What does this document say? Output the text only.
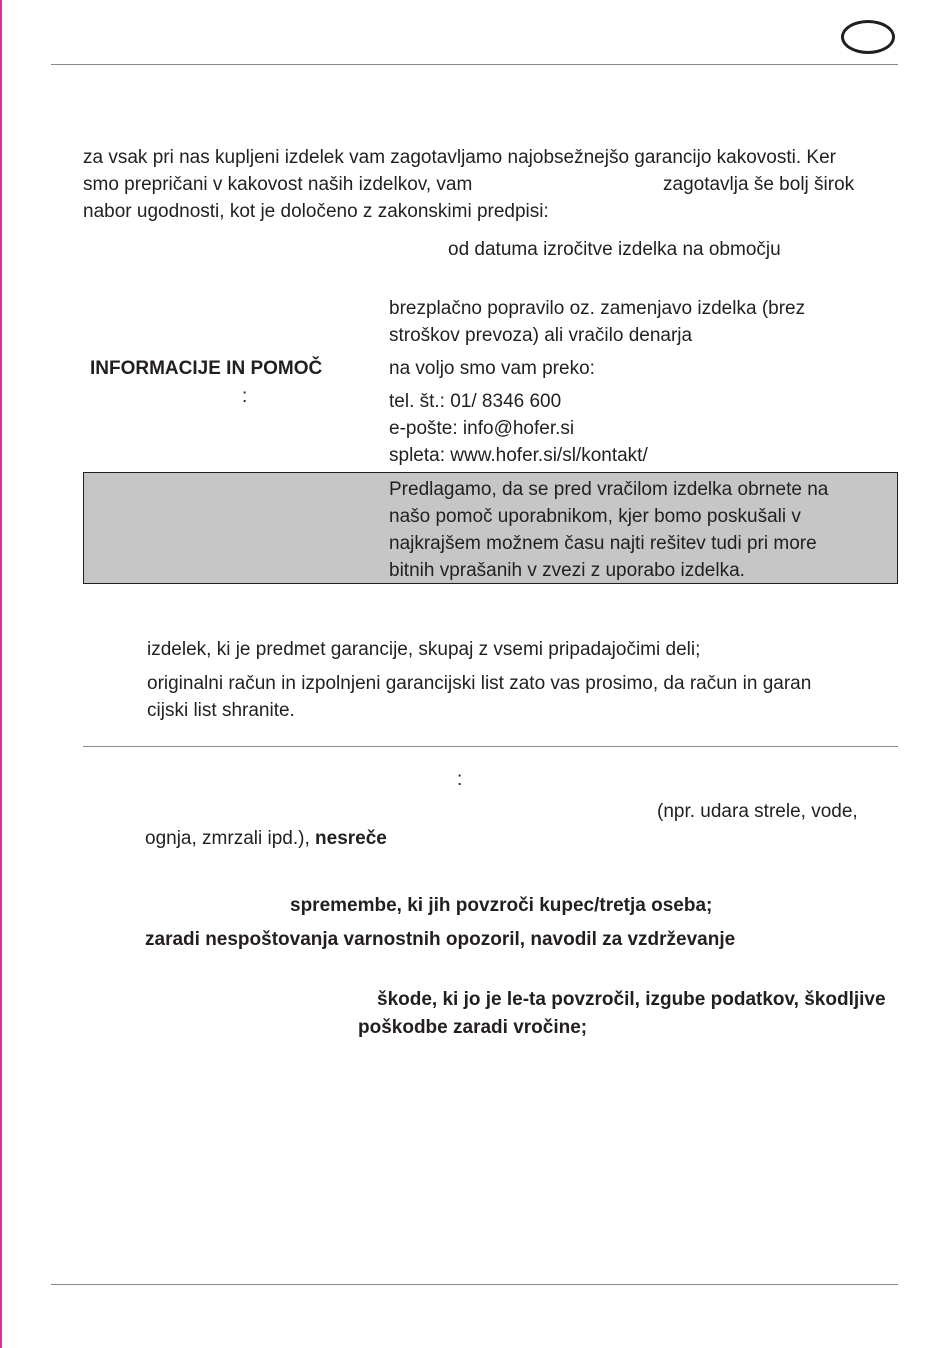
za vsak pri nas kupljeni izdelek vam zagotavljamo najobsežnejšo garancijo kakovosti. Ker
smo prepričani v kakovost naših izdelkov, vam	zagotavlja še bolj širok
nabor ugodnosti, kot je določeno z zakonskimi predpisi:
od datuma izročitve izdelka na območju
brezplačno popravilo oz. zamenjavo izdelka (brez
stroškov prevoza) ali vračilo denarja
INFORMACIJE IN POMOČ
:
na voljo smo vam preko:
tel. št.: 01/ 8346 600
e-pošte: info@hofer.si
spleta: www.hofer.si/sl/kontakt/
Predlagamo, da se pred vračilom izdelka obrnete na
našo pomoč uporabnikom, kjer bomo poskušali v
najkrajšem možnem času najti rešitev tudi pri more
bitnih vprašanih v zvezi z uporabo izdelka.
izdelek, ki je predmet garancije, skupaj z vsemi pripadajočimi deli;
originalni račun in izpolnjeni garancijski list zato vas prosimo, da račun in garan
cijski list shranite.
:
(npr. udara strele, vode,
ognja, zmrzali ipd.), nesreče
spremembe, ki jih povzroči kupec/tretja oseba;
zaradi nespoštovanja varnostnih opozoril, navodil za vzdrževanje
škode, ki jo je le-ta povzročil, izgube podatkov, škodljive
poškodbe zaradi vročine;
